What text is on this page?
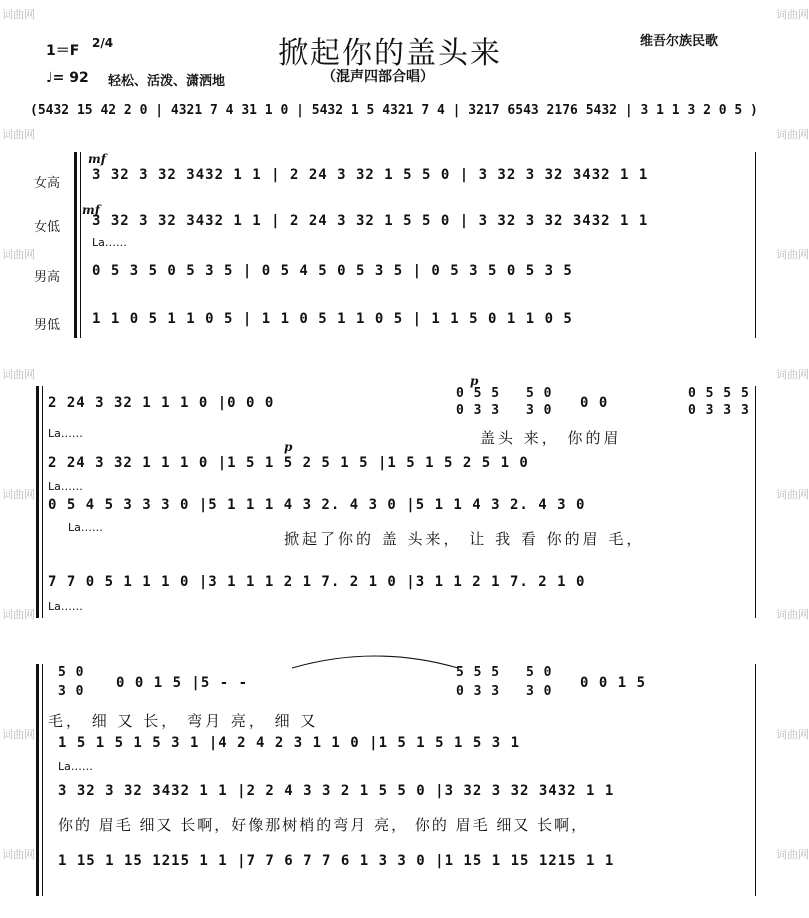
词曲网
词曲网
词曲网
词曲网
词曲网
词曲网
词曲网
词曲网
词曲网
词曲网
词曲网
词曲网
词曲网
词曲网
词曲网
词曲网
掀起你的盖头来
（混声四部合唱）
1＝F 2/4
♩= 92 轻松、活泼、潇洒地
维吾尔族民歌
(5432 15 42 2 0 | 4321 7 4 31 1 0 | 5432 1 5 4321 7 4 | 3217 6543 2176 5432 | 3 1 1 3 2 0 5 )
女高
女低
男高
男低
mf
mf
3 32 3 32 3432 1 1 | 2 24 3 32 1 5 5 0 | 3 32 3 32 3432 1 1
3 32 3 32 3432 1 1 | 2 24 3 32 1 5 5 0 | 3 32 3 32 3432 1 1
La……
0 5 3 5 0 5 3 5 | 0 5 4 5 0 5 3 5 | 0 5 3 5 0 5 3 5
1 1 0 5 1 1 0 5 | 1 1 0 5 1 1 0 5 | 1 1 5 0 1 1 0 5
2 24 3 32 1 1 1 0 |0 0 0
La……
p
0 5 5
0 3 3
5 0
3 0 0 0
0 5 5 5
0 3 3 3
盖头 来， 你的眉
p
2 24 3 32 1 1 1 0 |1 5 1 5 2 5 1 5 |1 5 1 5 2 5 1 0
La……
0 5 4 5 3 3 3 0 |5 1 1 1 4 3 2. 4 3 0 |5 1 1 4 3 2. 4 3 0
La……
掀起了你的 盖 头来， 让 我 看 你的眉 毛，
7 7 0 5 1 1 1 0 |3 1 1 1 2 1 7. 2 1 0 |3 1 1 2 1 7. 2 1 0
La……
5 0
3 0
0 0 1 5 |5 - -
5 5 5
0 3 3
5 0
3 0
0 0 1 5
毛， 细 又 长， 弯月 亮， 细 又
1 5 1 5 1 5 3 1 |4 2 4 2 3 1 1 0 |1 5 1 5 1 5 3 1
La……
3 32 3 32 3432 1 1 |2 2 4 3 3 2 1 5 5 0 |3 32 3 32 3432 1 1
你的 眉毛 细又 长啊，好像那树梢的弯月 亮， 你的 眉毛 细又 长啊，
1 15 1 15 1215 1 1 |7 7 6 7 7 6 1 3 3 0 |1 15 1 15 1215 1 1
